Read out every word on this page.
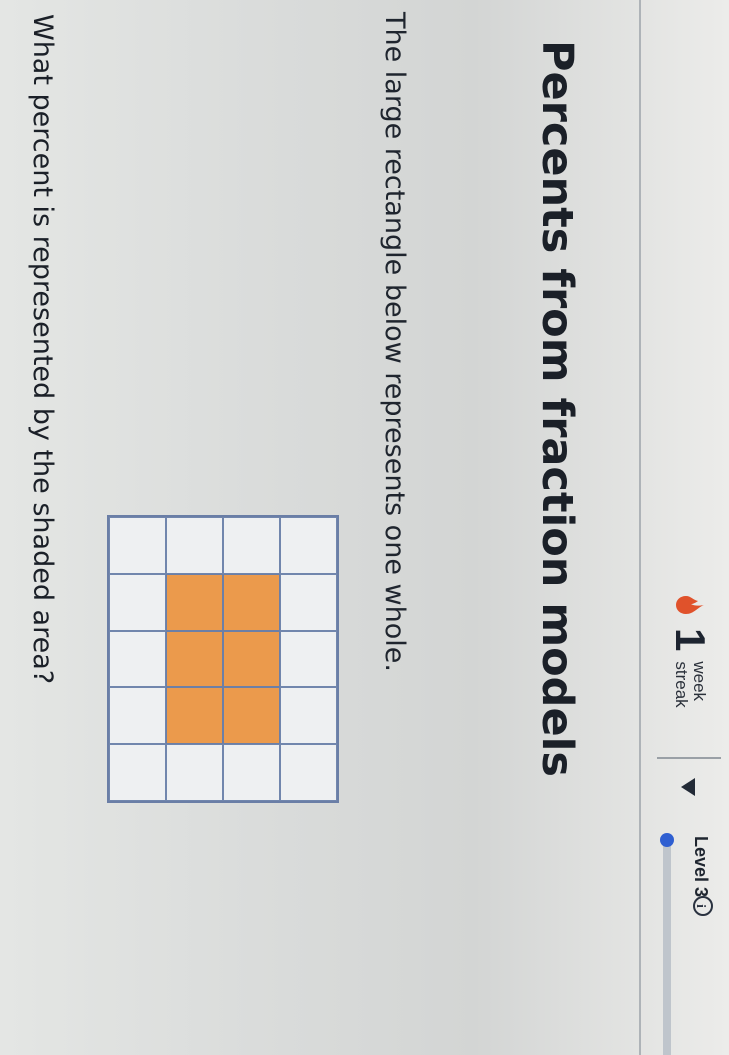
1
week
streak
Level 3
i
Percents from fraction models
The large rectangle below represents one whole.
What percent is represented by the shaded area?
